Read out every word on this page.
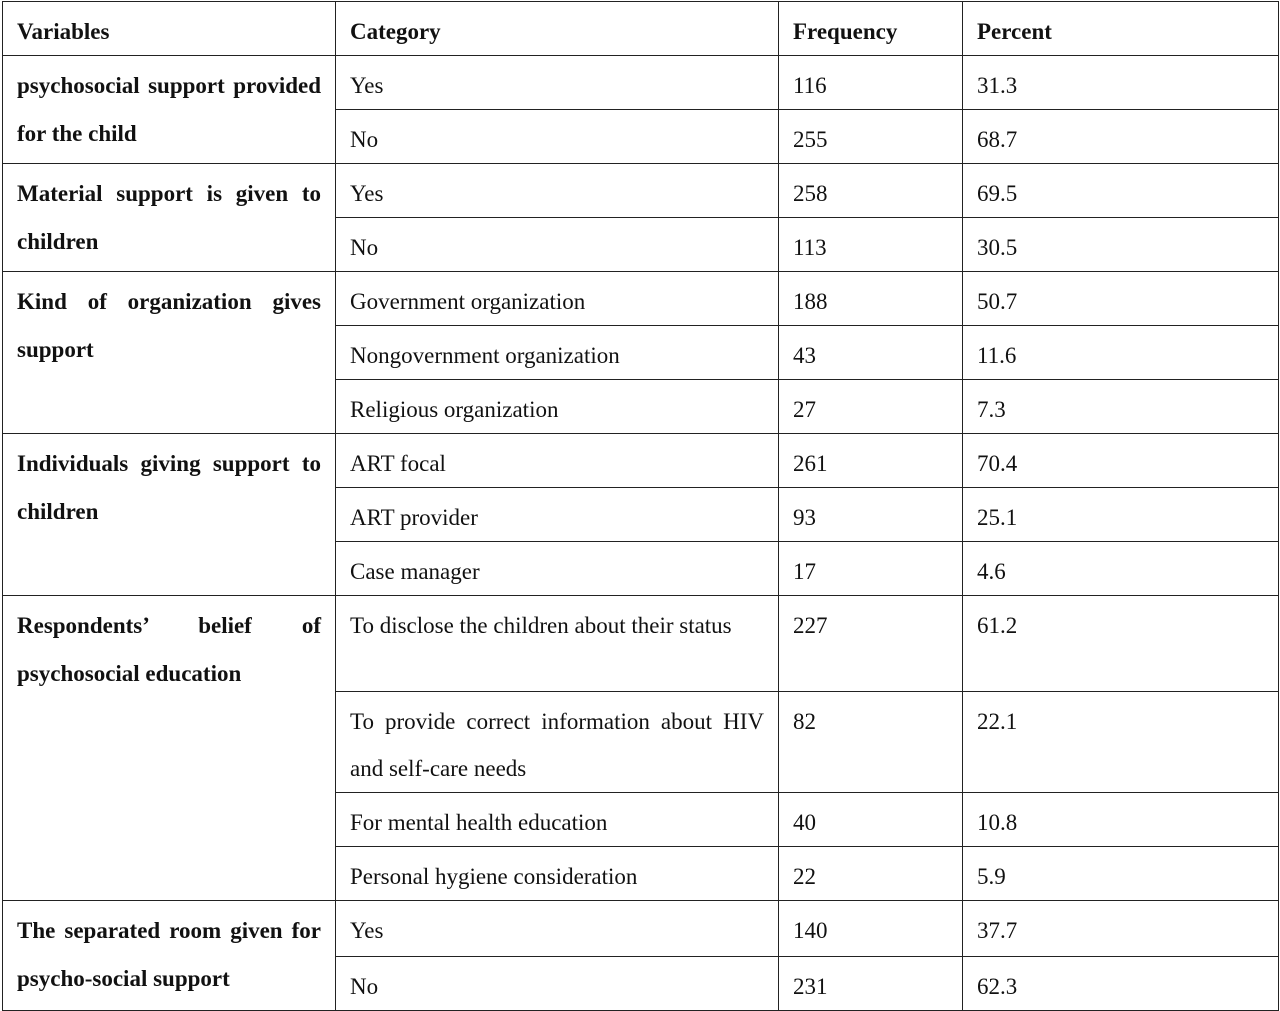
Variables	Category	Frequency	Percent
psychosocial support provided for the child	Yes	116	31.3
	No	255	68.7
Material support is given to children	Yes	258	69.5
	No	113	30.5
Kind of organization gives support	Government organization	188	50.7
	Nongovernment organization	43	11.6
	Religious organization	27	7.3
Individuals giving support to children	ART focal	261	70.4
	ART provider	93	25.1
	Case manager	17	4.6
Respondents’ belief of psychosocial education	To disclose the children about their status	227	61.2
	To provide correct information about HIV and self-care needs	82	22.1
	For mental health education	40	10.8
	Personal hygiene consideration	22	5.9
The separated room given for psycho-social support	Yes	140	37.7
	No	231	62.3
